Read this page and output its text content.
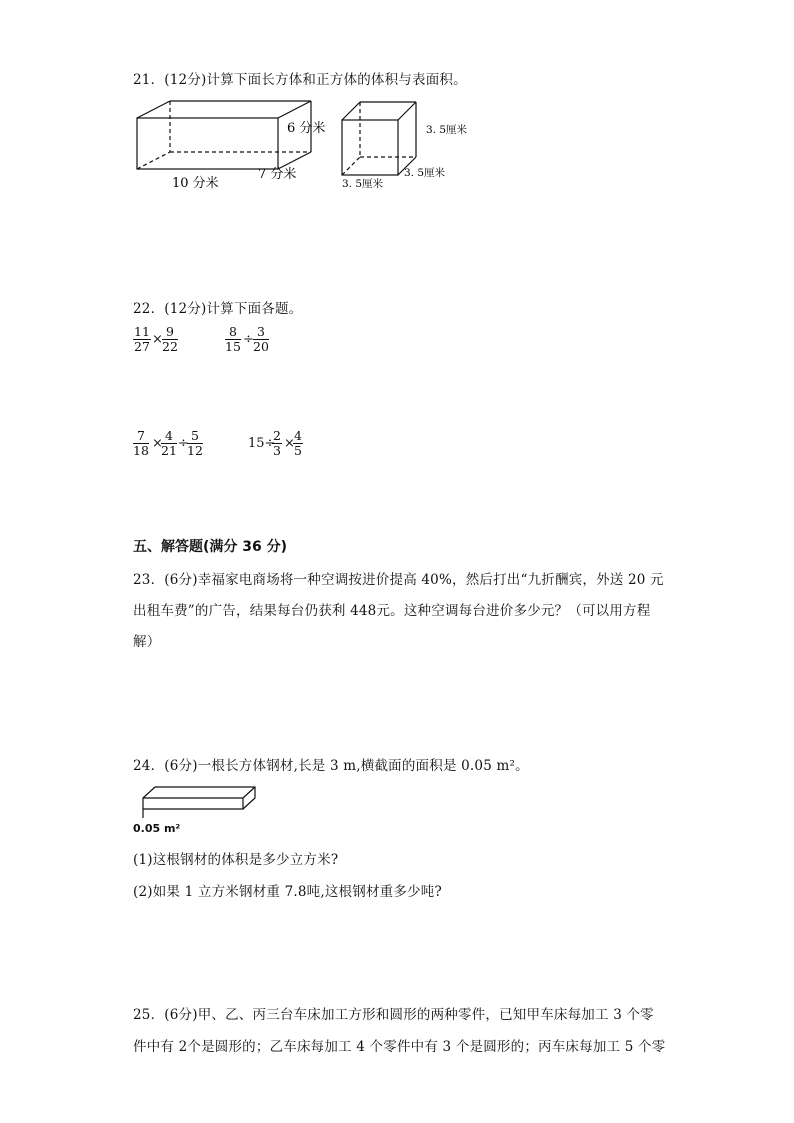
21．(12分)计算下面长方体和正方体的体积与表面积。
6 分米
7 分米
10 分米
3. 5厘米
3. 5厘米
3. 5厘米
22．(12分)计算下面各题。
$\frac{11}{27} \times \frac{9}{22}$	$\frac{8}{15} \div \frac{3}{20}$
$\frac{7}{18}$ ×
$\frac{4}{21}$ ÷
$\frac{5}{12}$	15÷
$\frac{2}{3}$ ×
$\frac{4}{5}$
五、解答题(满分 36 分)
23．(6分)幸福家电商场将一种空调按进价提高 40%，然后打出“九折酬宾，外送 20 元
出租车费”的广告，结果每台仍获利 448元。这种空调每台进价多少元？（可以用方程
解）
24．(6分)一根长方体钢材,长是 3 m,横截面的面积是 0.05 m²。
0.05 m²
(1)这根钢材的体积是多少立方米?
(2)如果 1 立方米钢材重 7.8吨,这根钢材重多少吨?
25．(6分)甲、乙、丙三台车床加工方形和圆形的两种零件，已知甲车床每加工 3 个零
件中有 2个是圆形的；乙车床每加工 4 个零件中有 3 个是圆形的；丙车床每加工 5 个零
